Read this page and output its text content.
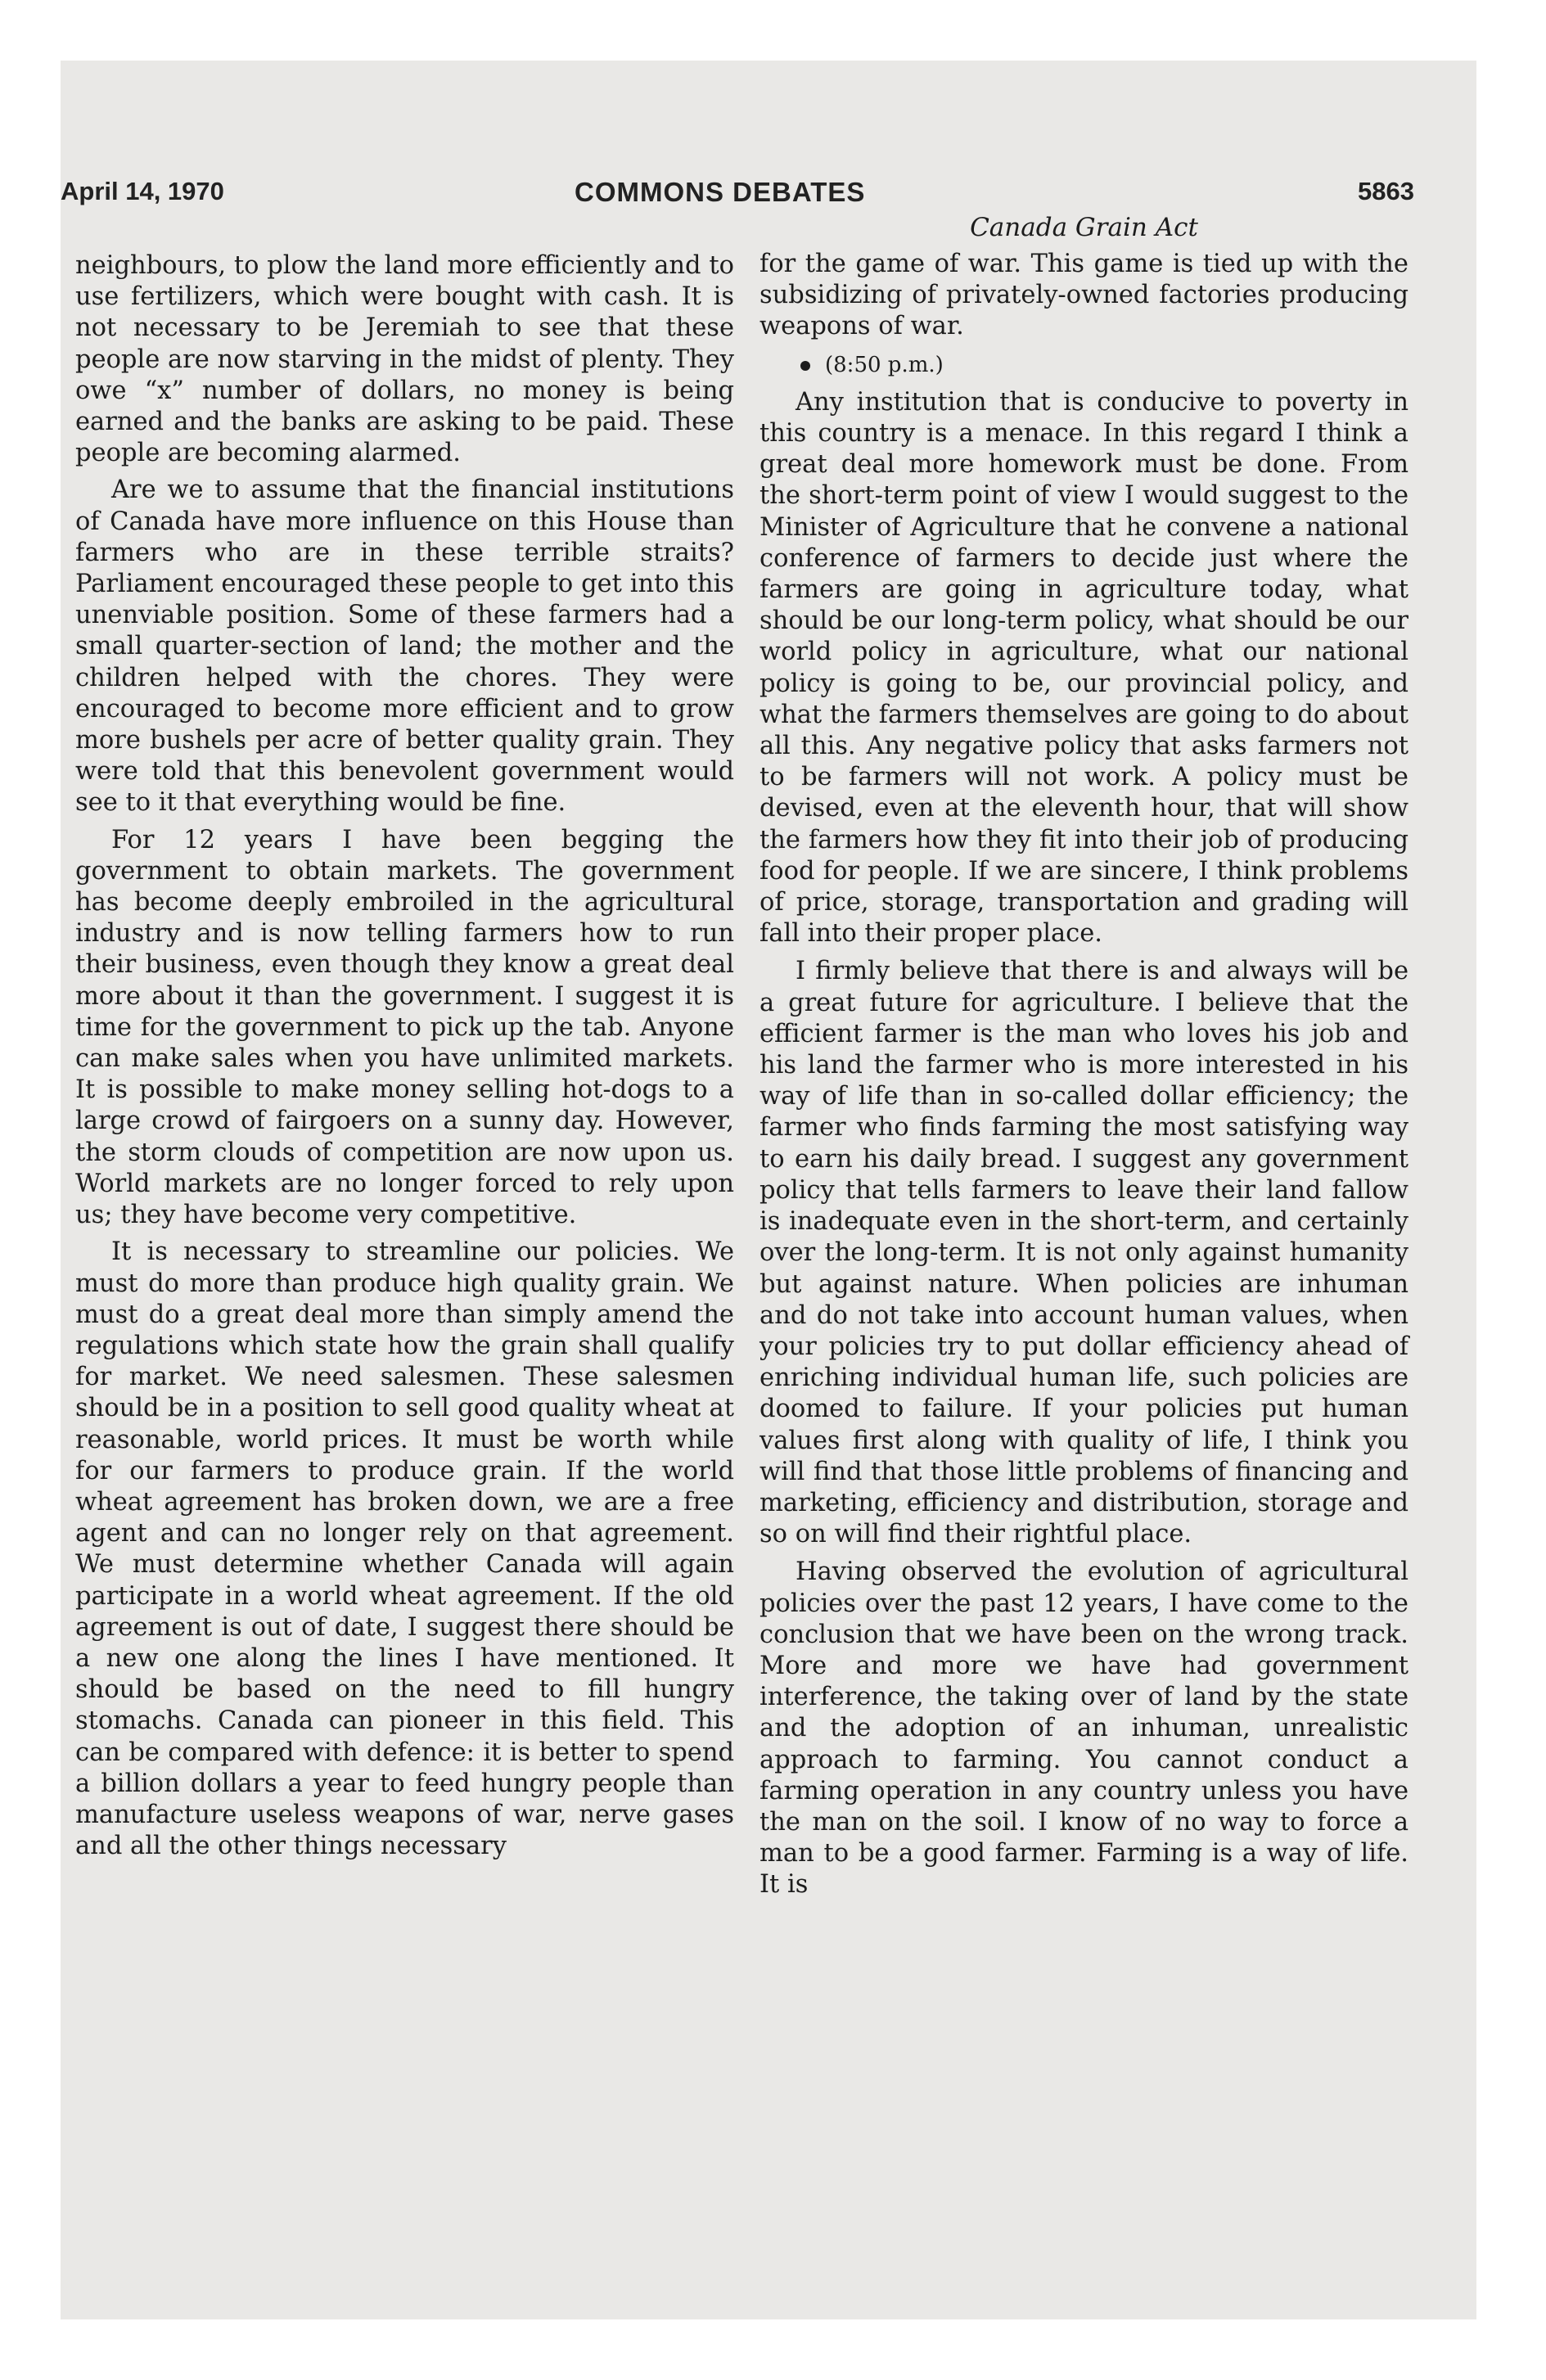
April 14, 1970	COMMONS DEBATES	5863

neighbours, to plow the land more efficiently and to use fertilizers, which were bought with cash. It is not necessary to be Jeremiah to see that these people are now starving in the midst of plenty. They owe “x” number of dollars, no money is being earned and the banks are asking to be paid. These people are becoming alarmed.

Are we to assume that the financial institutions of Canada have more influence on this House than farmers who are in these terrible straits? Parliament encouraged these people to get into this unenviable position. Some of these farmers had a small quarter-section of land; the mother and the children helped with the chores. They were encouraged to become more efficient and to grow more bushels per acre of better quality grain. They were told that this benevolent government would see to it that everything would be fine.

For 12 years I have been begging the government to obtain markets. The government has become deeply embroiled in the agricultural industry and is now telling farmers how to run their business, even though they know a great deal more about it than the government. I suggest it is time for the government to pick up the tab. Anyone can make sales when you have unlimited markets. It is possible to make money selling hot-dogs to a large crowd of fairgoers on a sunny day. However, the storm clouds of competition are now upon us. World markets are no longer forced to rely upon us; they have become very competitive.

It is necessary to streamline our policies. We must do more than produce high quality grain. We must do a great deal more than simply amend the regulations which state how the grain shall qualify for market. We need salesmen. These salesmen should be in a position to sell good quality wheat at reasonable, world prices. It must be worth while for our farmers to produce grain. If the world wheat agreement has broken down, we are a free agent and can no longer rely on that agreement. We must determine whether Canada will again participate in a world wheat agreement. If the old agreement is out of date, I suggest there should be a new one along the lines I have mentioned. It should be based on the need to fill hungry stomachs. Canada can pioneer in this field. This can be compared with defence: it is better to spend a billion dollars a year to feed hungry people than manufacture useless weapons of war, nerve gases and all the other things necessary

Canada Grain Act

for the game of war. This game is tied up with the subsidizing of privately-owned factories producing weapons of war.

(8:50 p.m.)

Any institution that is conducive to poverty in this country is a menace. In this regard I think a great deal more homework must be done. From the short-term point of view I would suggest to the Minister of Agriculture that he convene a national conference of farmers to decide just where the farmers are going in agriculture today, what should be our long-term policy, what should be our world policy in agriculture, what our national policy is going to be, our provincial policy, and what the farmers themselves are going to do about all this. Any negative policy that asks farmers not to be farmers will not work. A policy must be devised, even at the eleventh hour, that will show the farmers how they fit into their job of producing food for people. If we are sincere, I think problems of price, storage, transportation and grading will fall into their proper place.

I firmly believe that there is and always will be a great future for agriculture. I believe that the efficient farmer is the man who loves his job and his land the farmer who is more interested in his way of life than in so-called dollar efficiency; the farmer who finds farming the most satisfying way to earn his daily bread. I suggest any government policy that tells farmers to leave their land fallow is inadequate even in the short-term, and certainly over the long-term. It is not only against humanity but against nature. When policies are inhuman and do not take into account human values, when your policies try to put dollar efficiency ahead of enriching individual human life, such policies are doomed to failure. If your policies put human values first along with quality of life, I think you will find that those little problems of financing and marketing, efficiency and distribution, storage and so on will find their rightful place.

Having observed the evolution of agricultural policies over the past 12 years, I have come to the conclusion that we have been on the wrong track. More and more we have had government interference, the taking over of land by the state and the adoption of an inhuman, unrealistic approach to farming. You cannot conduct a farming operation in any country unless you have the man on the soil. I know of no way to force a man to be a good farmer. Farming is a way of life. It is
